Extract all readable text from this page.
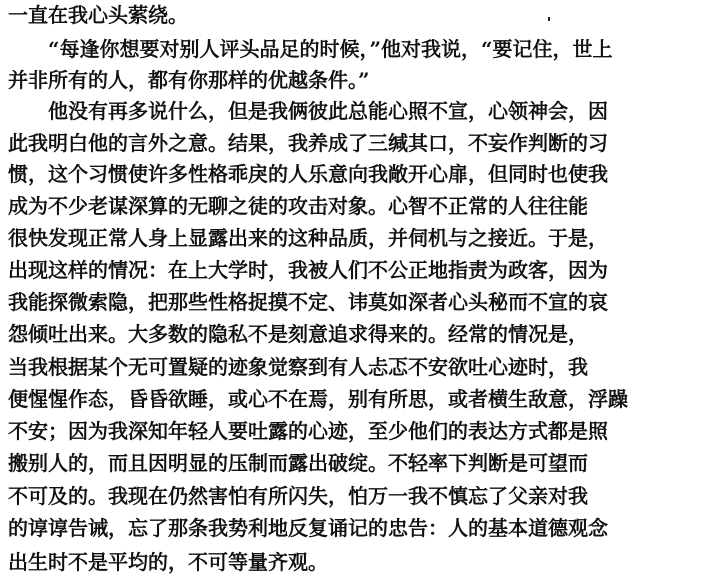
一直在我心头萦绕。
“每逢你想要对别人评头品足的时候，”他对我说，“要记住，世上
并非所有的人，都有你那样的优越条件。”
他没有再多说什么，但是我俩彼此总能心照不宣，心领神会，因
此我明白他的言外之意。结果，我养成了三缄其口，不妄作判断的习
惯，这个习惯使许多性格乖戾的人乐意向我敞开心扉，但同时也使我
成为不少老谋深算的无聊之徒的攻击对象。心智不正常的人往往能
很快发现正常人身上显露出来的这种品质，并伺机与之接近。于是，
出现这样的情况：在上大学时，我被人们不公正地指责为政客，因为
我能探微索隐，把那些性格捉摸不定、讳莫如深者心头秘而不宣的哀
怨倾吐出来。大多数的隐私不是刻意追求得来的。经常的情况是，
当我根据某个无可置疑的迹象觉察到有人忐忑不安欲吐心迹时，我
便惺惺作态，昏昏欲睡，或心不在焉，别有所思，或者横生敌意，浮躁
不安；因为我深知年轻人要吐露的心迹，至少他们的表达方式都是照
搬别人的，而且因明显的压制而露出破绽。不轻率下判断是可望而
不可及的。我现在仍然害怕有所闪失，怕万一我不慎忘了父亲对我
的谆谆告诫，忘了那条我势利地反复诵记的忠告：人的基本道德观念
出生时不是平均的，不可等量齐观。
